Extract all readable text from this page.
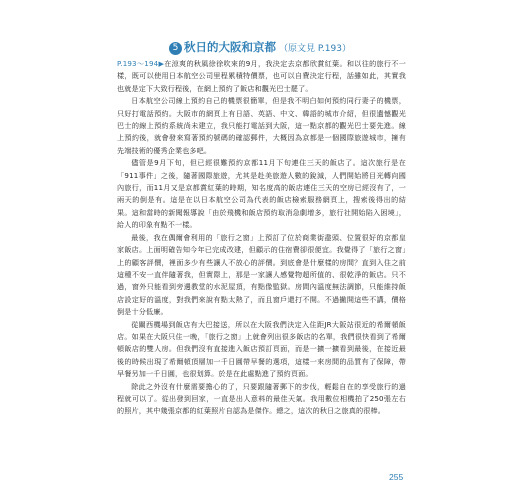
5 秋日的大阪和京都 （原文見 P.193）

P.193〜194▶在涼爽的秋風徐徐吹來的9月，我決定去京都欣賞紅葉。和以往的旅行不一樣，既可以使用日本航空公司里程累積特價票，也可以自費決定行程，話雖如此，其實我也就是定下大致行程後，在網上預約了飯店和觀光巴士罷了。

日本航空公司線上預約自己的機票很簡單，但是我不明白如何預約同行妻子的機票，只好打電話預約。大阪市的網頁上有日語、英語、中文、韓語的城市介紹，但很遺憾觀光巴士的線上預約系統尚未建立，我只能打電話到大阪，這一點京都的觀光巴士要先進。線上預約後，就會發來寫著預約號碼的確認郵件，大概因為京都是一個國際旅遊城市，擁有先端技術的優秀企業也多吧。

儘管是9月下旬，但已經很難預約京都11月下旬連住三天的飯店了。這次旅行是在「911事件」之後，隨著國際旅遊，尤其是赴美旅遊人數的銳減，人們開始將目光轉向國內旅行，而11月又是京都賞紅葉的時期，知名度高的飯店連住三天的空房已經沒有了，一兩天的倒是有。這是在以日本航空公司為代表的飯店檢索服務網頁上，搜索後得出的結果。這和當時的新聞報導說「由於飛機和飯店預約取消急劇增多，旅行社開始陷入困境」，給人的印象有點不一樣。

最後，我在偶爾會利用的「旅行之窗」上預訂了位於商業街盡頭、位置很好的京都皇家飯店。上面明確告知今年已完成改建，但顧示的住宿費卻很便宜。我覺得了「旅行之窗」上的顧客評價，裡面多少有些讓人不放心的評價。到底會是什麼樣的房間？直到入住之前這種不安一直伴隨著我，但實際上，那是一家讓人感覺物超所值的、很乾淨的飯店。只不過，窗外只能看到旁邊教堂的水泥屋頂，有點像監獄。房間內溫度無法調節，只能維持飯店設定好的溫度，對我們來說有點太熱了，而且窗戶還打不開。不過撇開這些不講，價格倒是十分低廉。

從關西機場到飯店有大巴接送，所以在大阪我們決定入住距JR大阪站很近的希爾頓飯店。如果在大阪只住一晚，「旅行之窗」上就會列出很多飯店的名單，我們很快看到了希爾頓飯店的雙人房。但我們沒有直接進入飯店預訂頁面，而是一擴一擴看到最後，在接近最後的時候出現了希爾頓頂層加一千日圓帶早餐的選項，這樣一來房間的品質有了保障，帶早餐另加一千日圓，也很划算。於是在此處點進了預約頁面。

除此之外沒有什麼需要擔心的了，只要跟隨著郵下的步伐，輕鬆自在的享受旅行的過程就可以了。從出發到回家，一直是出人意料的最佳天氣。我用數位相機拍了250張左右的照片，其中幾張京都的紅葉照片自認為是傑作。總之，這次的秋日之旅真的很棒。

255
